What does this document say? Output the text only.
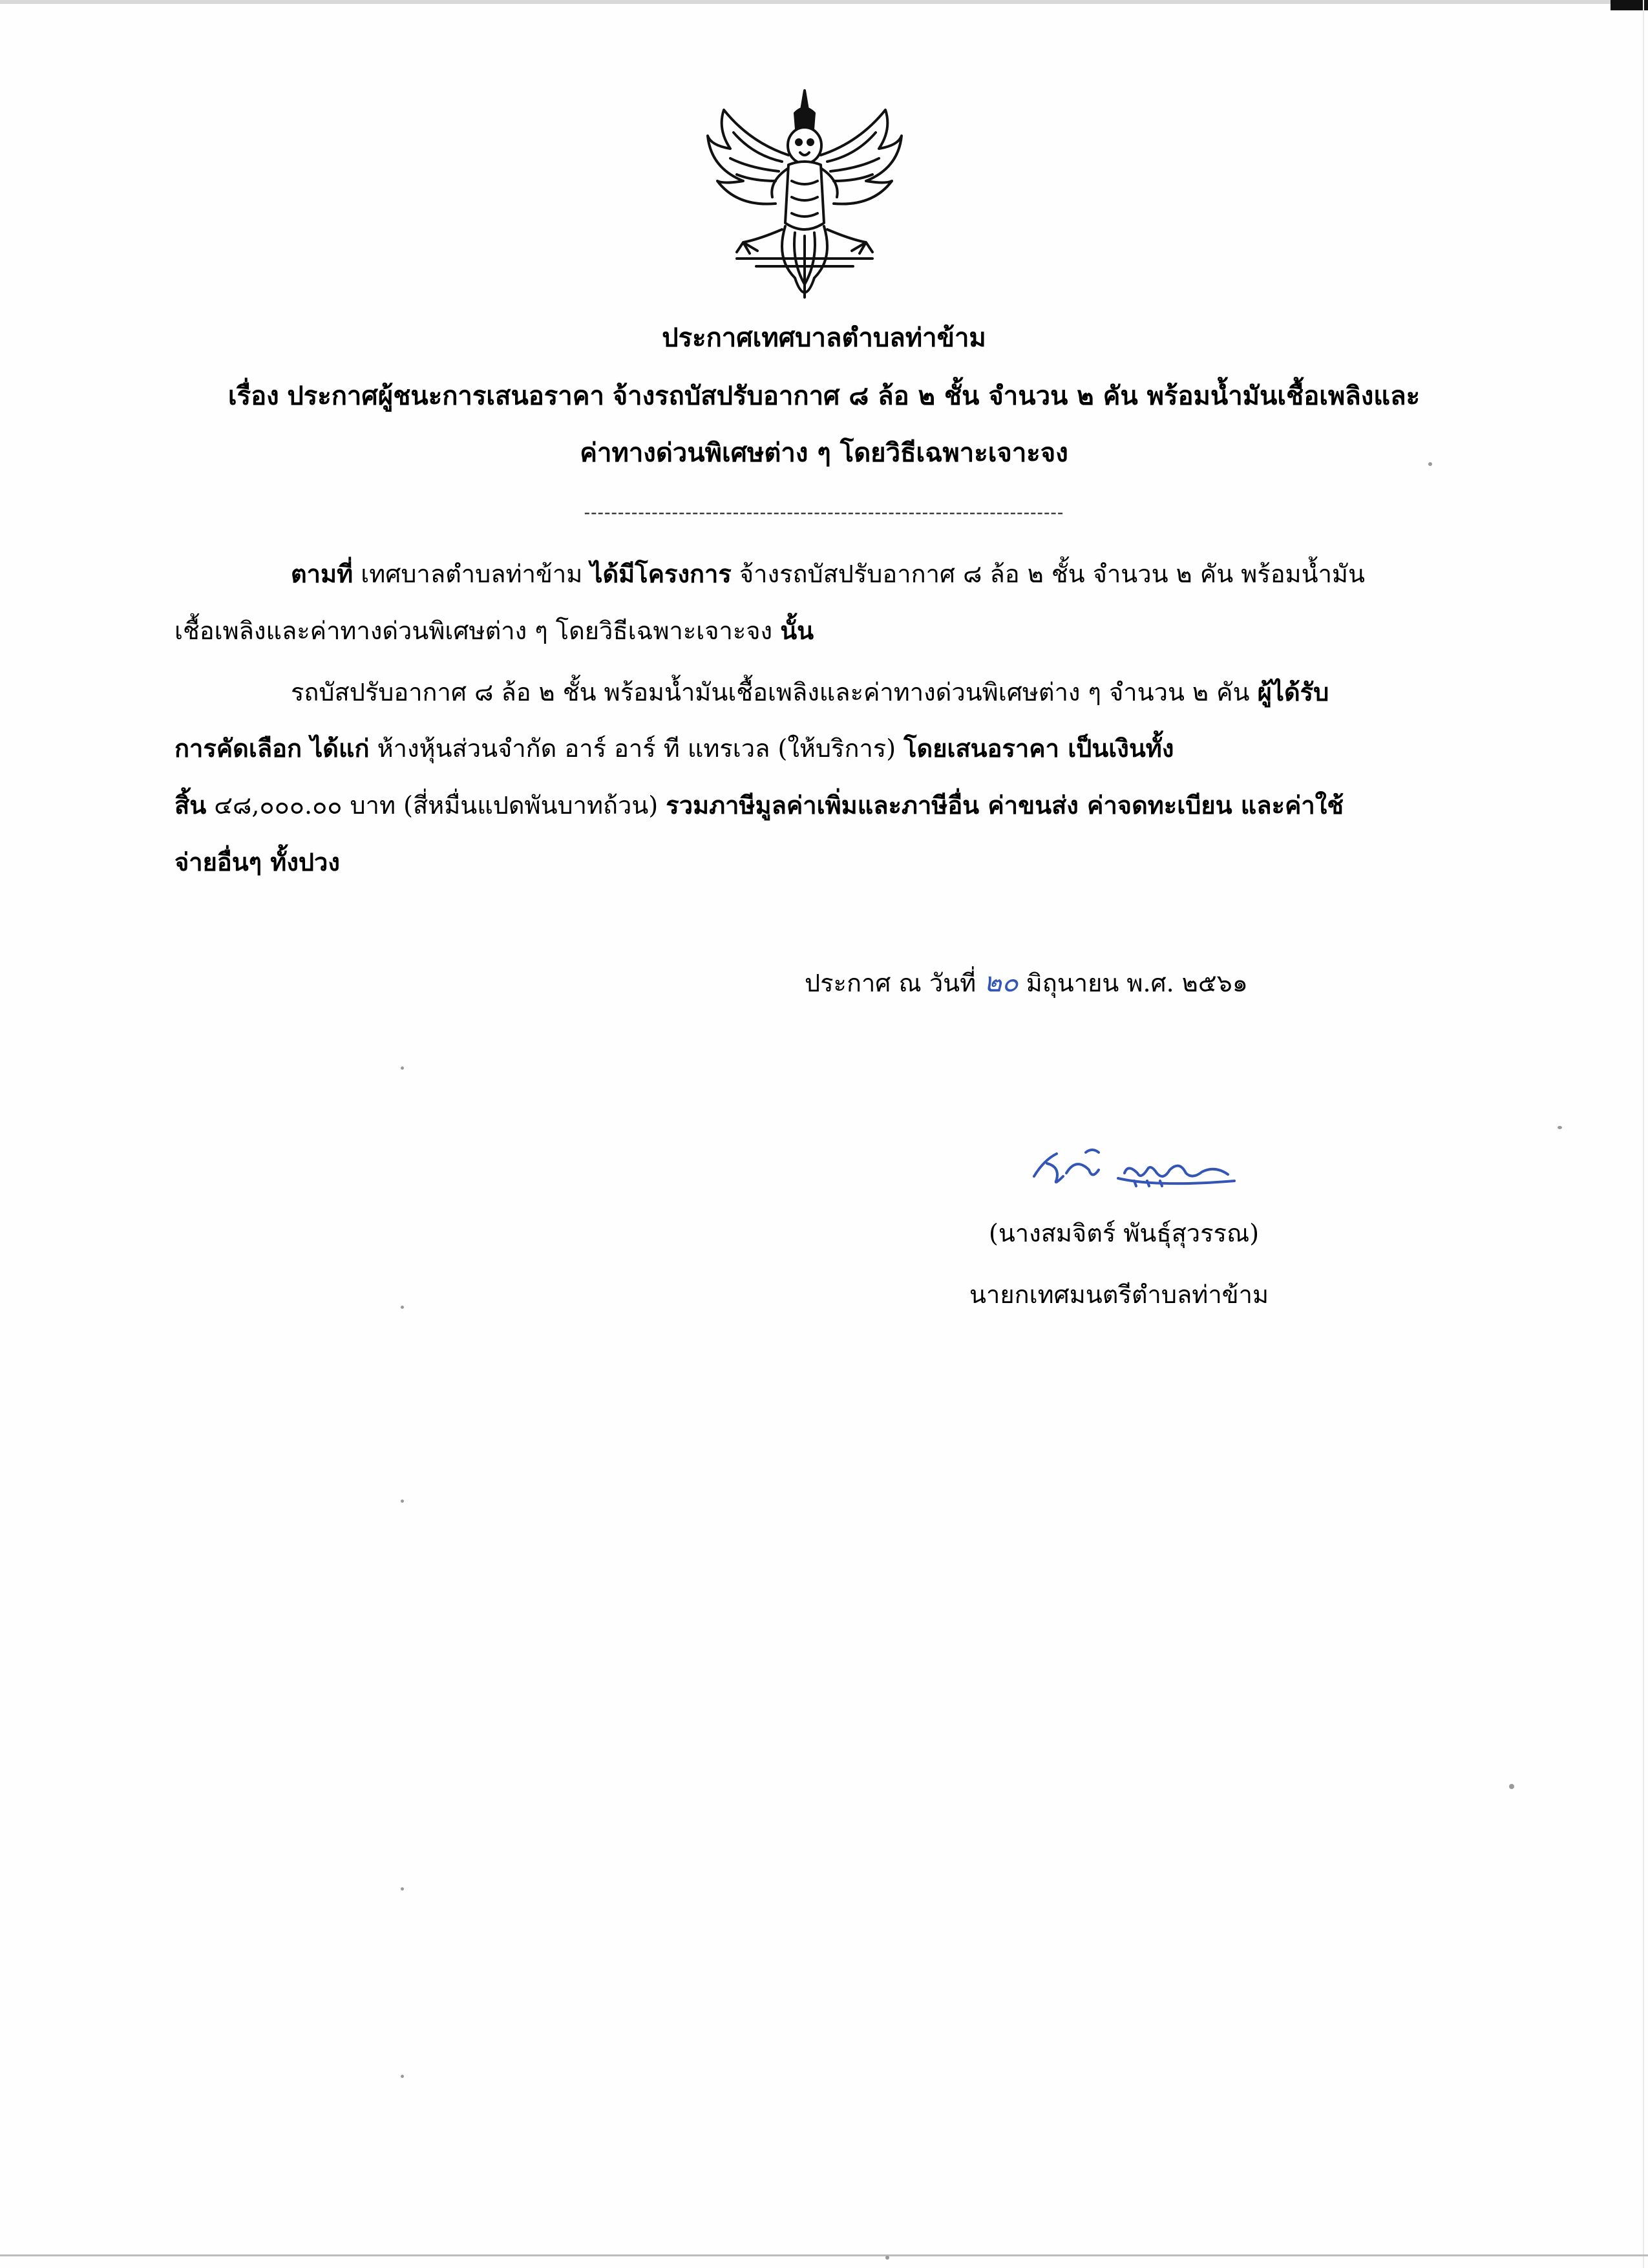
ประกาศเทศบาลตำบลท่าข้าม
เรื่อง ประกาศผู้ชนะการเสนอราคา จ้างรถบัสปรับอากาศ ๘ ล้อ ๒ ชั้น จำนวน ๒ คัน พร้อมน้ำมันเชื้อเพลิงและ
ค่าทางด่วนพิเศษต่าง ๆ โดยวิธีเฉพาะเจาะจง
-----------------------------------------------------------------------
ตามที่ เทศบาลตำบลท่าข้าม ได้มีโครงการ จ้างรถบัสปรับอากาศ ๘ ล้อ ๒ ชั้น จำนวน ๒ คัน พร้อมน้ำมัน
เชื้อเพลิงและค่าทางด่วนพิเศษต่าง ๆ โดยวิธีเฉพาะเจาะจง นั้น
รถบัสปรับอากาศ ๘ ล้อ ๒ ชั้น พร้อมน้ำมันเชื้อเพลิงและค่าทางด่วนพิเศษต่าง ๆ จำนวน ๒ คัน ผู้ได้รับ
การคัดเลือก ได้แก่ ห้างหุ้นส่วนจำกัด อาร์ อาร์ ที แทรเวล (ให้บริการ) โดยเสนอราคา เป็นเงินทั้ง
สิ้น ๔๘,๐๐๐.๐๐ บาท (สี่หมื่นแปดพันบาทถ้วน) รวมภาษีมูลค่าเพิ่มและภาษีอื่น ค่าขนส่ง ค่าจดทะเบียน และค่าใช้
จ่ายอื่นๆ ทั้งปวง
ประกาศ ณ วันที่ ๒๐ มิถุนายน พ.ศ. ๒๕๖๑
(นางสมจิตร์ พันธุ์สุวรรณ)
นายกเทศมนตรีตำบลท่าข้าม
